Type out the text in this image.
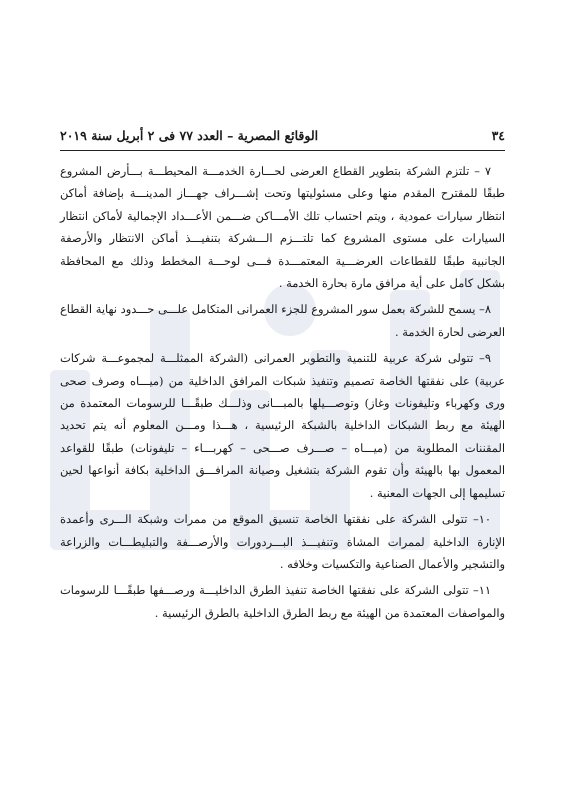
٣٤
الوقائع المصرية – العدد ٧٧ فى ٢ أبريل سنة ٢٠١٩

٧ – تلتزم الشركة بتطوير القطاع العرضى لحـــارة الخدمـــة المحيطـــة بـــأرض المشروع طبقًا للمقترح المقدم منها وعلى مسئوليتها وتحت إشـــراف جهـــاز المدينـــة بإضافة أماكن انتظار سيارات عمودية ، ويتم احتساب تلك الأمـــاكن ضـــمن الأعـــداد الإجمالية لأماكن انتظار السيارات على مستوى المشروع كما تلتـــزم الـــشركة بتنفيـــذ أماكن الانتظار والأرصفة الجانبية طبقًا للقطاعات العرضـــية المعتمـــدة فـــى لوحـــة المخطط وذلك مع المحافظة بشكل كامل على أية مرافق مارة بحارة الخدمة .

٨– يسمح للشركة بعمل سور المشروع للجزء العمرانى المتكامل علـــى حـــدود نهاية القطاع العرضى لحارة الخدمة .

٩– تتولى شركة عربية للتنمية والتطوير العمرانى (الشركة الممثلـــة لمجموعـــة شركات عربية) على نفقتها الخاصة تصميم وتنفيذ شبكات المرافق الداخلية من (ميـــاه وصرف صحى ورى وكهرباء وتليفونات وغاز) وتوصـــيلها بالمبـــانى وذلـــك طبقًـــا للرسومات المعتمدة من الهيئة مع ربط الشبكات الداخلية بالشبكة الرئيسية ، هـــذا ومـــن المعلوم أنه يتم تحديد المقننات المطلوبة من (ميـــاه – صـــرف صـــحى – كهربـــاء – تليفونات) طبقًا للقواعد المعمول بها بالهيئة وأن تقوم الشركة بتشغيل وصيانة المرافـــق الداخلية بكافة أنواعها لحين تسليمها إلى الجهات المعنية .

١٠– تتولى الشركة على نفقتها الخاصة تنسيق الموقع من ممرات وشبكة الـــرى وأعمدة الإنارة الداخلية لممرات المشاة وتنفيـــذ البـــردورات والأرصـــفة والتبليطـــات والزراعة والتشجير والأعمال الصناعية والتكسيات وخلافه .

١١– تتولى الشركة على نفقتها الخاصة تنفيذ الطرق الداخليـــة ورصـــفها طبقًـــا للرسومات والمواصفات المعتمدة من الهيئة مع ربط الطرق الداخلية بالطرق الرئيسية .
